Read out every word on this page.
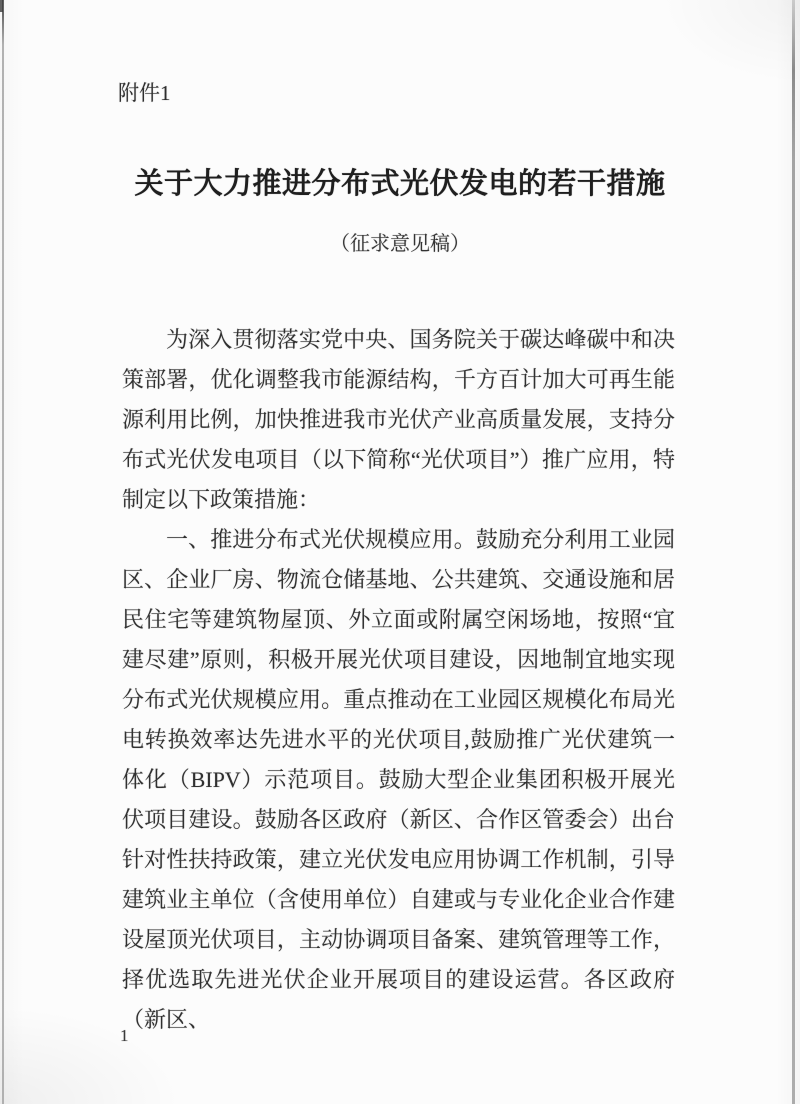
附件1
关于大力推进分布式光伏发电的若干措施
（征求意见稿）

为深入贯彻落实党中央、国务院关于碳达峰碳中和决策部署，优化调整我市能源结构，千方百计加大可再生能源利用比例，加快推进我市光伏产业高质量发展，支持分布式光伏发电项目（以下简称“光伏项目”）推广应用，特制定以下政策措施：

一、推进分布式光伏规模应用。鼓励充分利用工业园区、企业厂房、物流仓储基地、公共建筑、交通设施和居民住宅等建筑物屋顶、外立面或附属空闲场地，按照“宜建尽建”原则，积极开展光伏项目建设，因地制宜地实现分布式光伏规模应用。重点推动在工业园区规模化布局光电转换效率达先进水平的光伏项目,鼓励推广光伏建筑一体化（BIPV）示范项目。鼓励大型企业集团积极开展光伏项目建设。鼓励各区政府（新区、合作区管委会）出台针对性扶持政策，建立光伏发电应用协调工作机制，引导建筑业主单位（含使用单位）自建或与专业化企业合作建设屋顶光伏项目，主动协调项目备案、建筑管理等工作，择优选取先进光伏企业开展项目的建设运营。各区政府（新区、

1
